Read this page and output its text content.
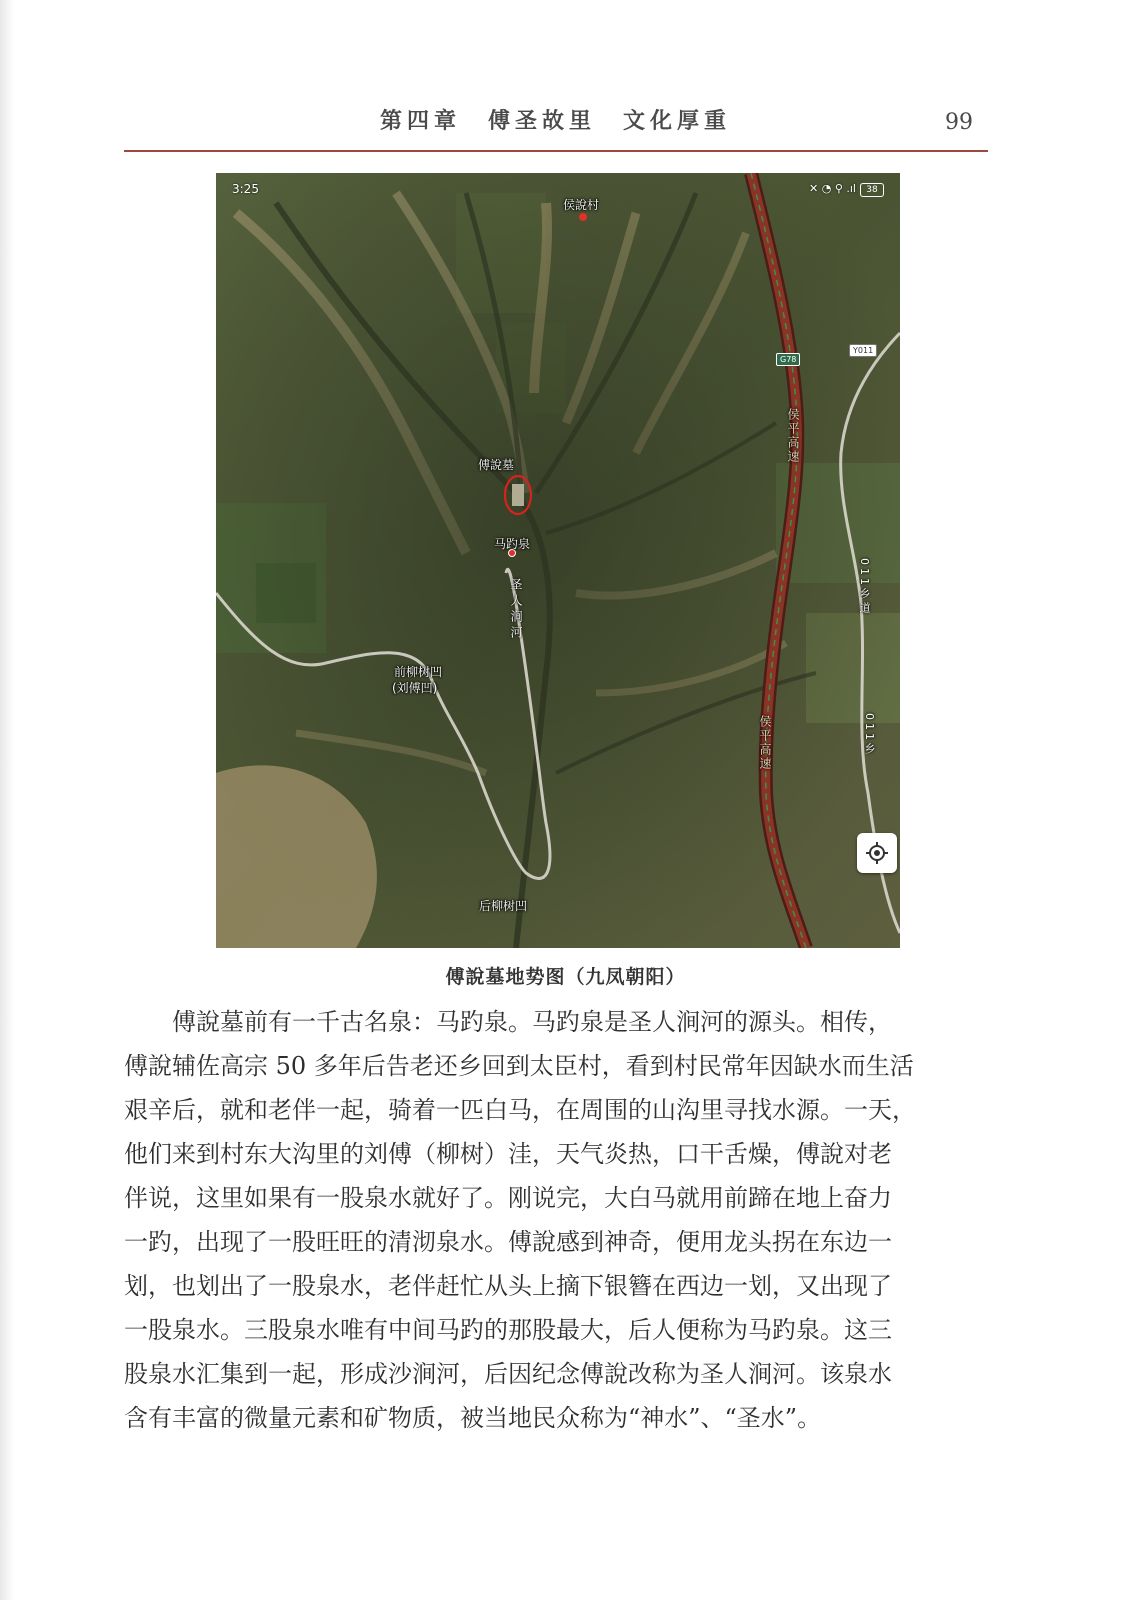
第四章　傅圣故里　文化厚重	99
3:25	✕ ◔ ⚲ .ıl	38
侯說村
傅說墓
马趵泉
圣人涧河
前柳树凹
(刘傅凹)
后柳树凹
侯平高速
侯平高速
G78
Y011
011乡道
011乡
傅說墓地势图（九凤朝阳）
　　傅說墓前有一千古名泉：马趵泉。马趵泉是圣人涧河的源头。相传，
傅說辅佐高宗 50 多年后告老还乡回到太臣村，看到村民常年因缺水而生活
艰辛后，就和老伴一起，骑着一匹白马，在周围的山沟里寻找水源。一天，
他们来到村东大沟里的刘傅（柳树）洼，天气炎热，口干舌燥，傅說对老
伴说，这里如果有一股泉水就好了。刚说完，大白马就用前蹄在地上奋力
一趵，出现了一股旺旺的清沏泉水。傅說感到神奇，便用龙头拐在东边一
划，也划出了一股泉水，老伴赶忙从头上摘下银簪在西边一划，又出现了
一股泉水。三股泉水唯有中间马趵的那股最大，后人便称为马趵泉。这三
股泉水汇集到一起，形成沙涧河，后因纪念傅說改称为圣人涧河。该泉水
含有丰富的微量元素和矿物质，被当地民众称为“神水”、“圣水”。
